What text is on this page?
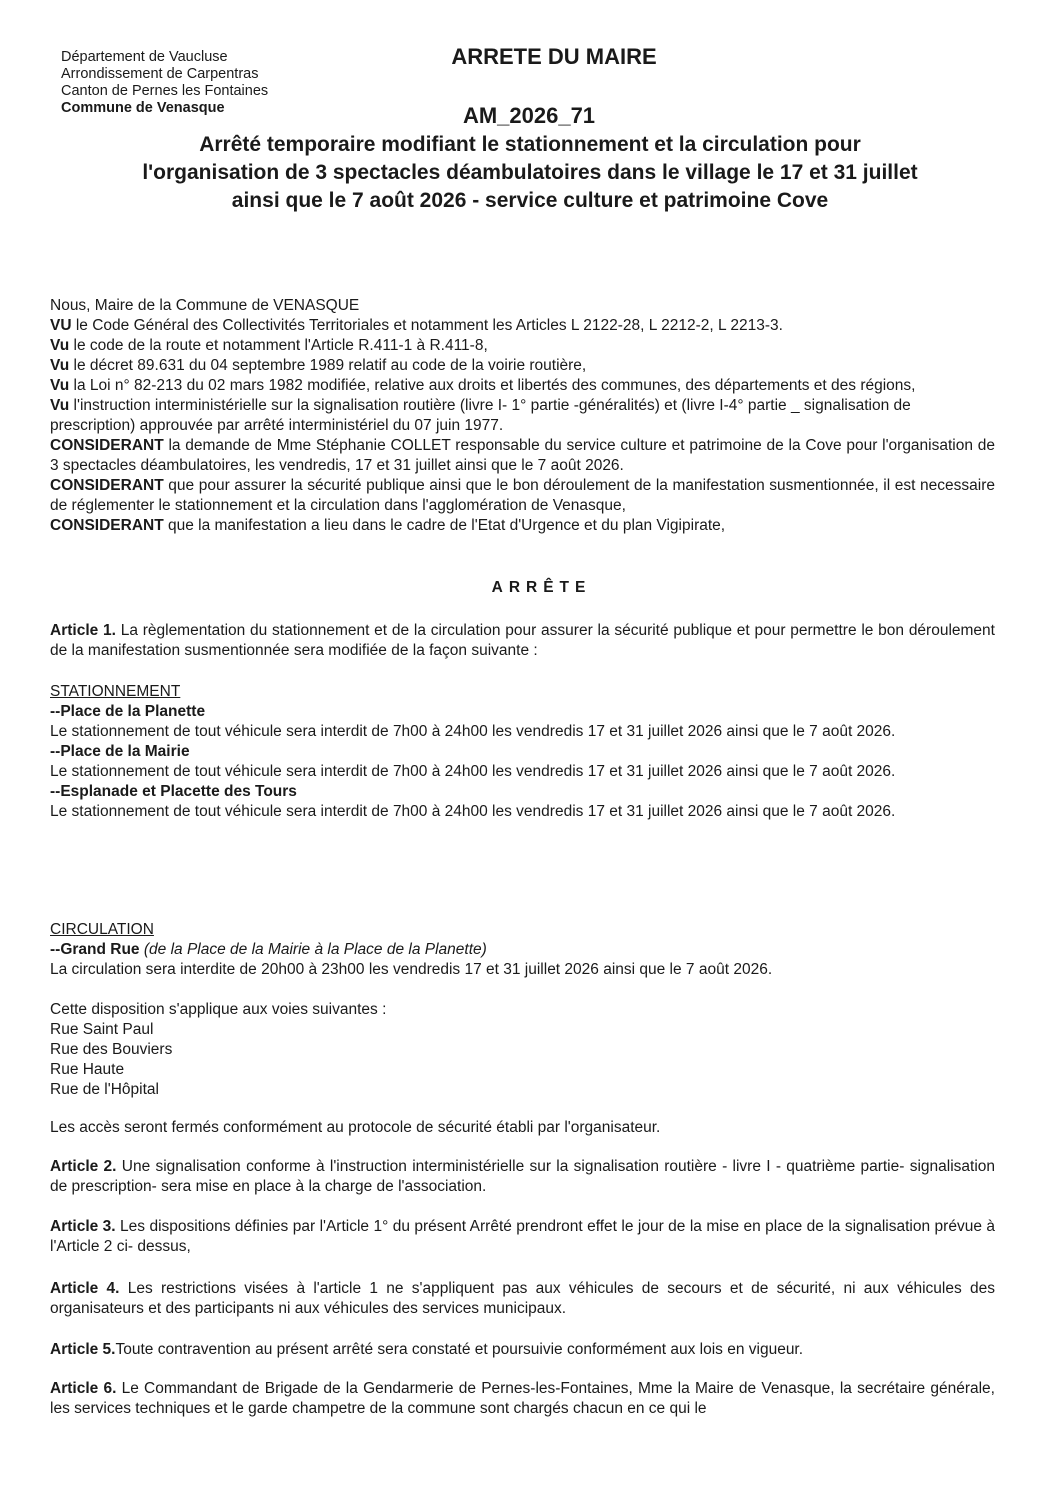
Département de Vaucluse
Arrondissement de Carpentras
Canton de Pernes les Fontaines
Commune de Venasque
ARRETE DU MAIRE
AM_2026_71
Arrêté temporaire modifiant le stationnement et la circulation pour
l'organisation de 3 spectacles déambulatoires dans le village le 17 et 31 juillet
ainsi que le 7 août 2026 - service culture et patrimoine Cove

Nous, Maire de la Commune de VENASQUE

VU le Code Général des Collectivités Territoriales et notamment les Articles L 2122-28, L 2212-2, L 2213-3.

Vu le code de la route et notamment l'Article R.411-1 à R.411-8,

Vu le décret 89.631 du 04 septembre 1989 relatif au code de la voirie routière,

Vu la Loi n° 82-213 du 02 mars 1982 modifiée, relative aux droits et libertés des communes, des départements et des régions,

Vu l'instruction interministérielle sur la signalisation routière (livre I- 1° partie -généralités) et (livre I-4° partie _ signalisation de prescription) approuvée par arrêté interministériel du 07 juin 1977.

CONSIDERANT la demande de Mme Stéphanie COLLET responsable du service culture et patrimoine de la Cove pour l'organisation de 3 spectacles déambulatoires, les vendredis, 17 et 31 juillet ainsi que le 7 août 2026.

CONSIDERANT que pour assurer la sécurité publique ainsi que le bon déroulement de la manifestation susmentionnée, il est necessaire de réglementer le stationnement et la circulation dans l'agglomération de Venasque,

CONSIDERANT que la manifestation a lieu dans le cadre de l'Etat d'Urgence et du plan Vigipirate,

ARRÊTE
Article 1. La règlementation du stationnement et de la circulation pour assurer la sécurité publique et pour permettre le bon déroulement de la manifestation susmentionnée sera modifiée de la façon suivante :
STATIONNEMENT
--Place de la Planette
Le stationnement de tout véhicule sera interdit de 7h00 à 24h00 les vendredis 17 et 31 juillet 2026 ainsi que le 7 août 2026.
--Place de la Mairie
Le stationnement de tout véhicule sera interdit de 7h00 à 24h00 les vendredis 17 et 31 juillet 2026 ainsi que le 7 août 2026.
--Esplanade et Placette des Tours
Le stationnement de tout véhicule sera interdit de 7h00 à 24h00 les vendredis 17 et 31 juillet 2026 ainsi que le 7 août 2026.
CIRCULATION
--Grand Rue (de la Place de la Mairie à la Place de la Planette)
La circulation sera interdite de 20h00 à 23h00 les vendredis 17 et 31 juillet 2026 ainsi que le 7 août 2026.
Cette disposition s'applique aux voies suivantes :
Rue Saint Paul
Rue des Bouviers
Rue Haute
Rue de l'Hôpital
Les accès seront fermés conformément au protocole de sécurité établi par l'organisateur.
Article 2. Une signalisation conforme à l'instruction interministérielle sur la signalisation routière - livre I - quatrième partie- signalisation de prescription- sera mise en place à la charge de l'association.
Article 3. Les dispositions définies par l'Article 1° du présent Arrêté prendront effet le jour de la mise en place de la signalisation prévue à l'Article 2 ci- dessus,
Article 4. Les restrictions visées à l'article 1 ne s'appliquent pas aux véhicules de secours et de sécurité, ni aux véhicules des organisateurs et des participants ni aux véhicules des services municipaux.
Article 5.Toute contravention au présent arrêté sera constaté et poursuivie conformément aux lois en vigueur.
Article 6. Le Commandant de Brigade de la Gendarmerie de Pernes-les-Fontaines, Mme la Maire de Venasque, la secrétaire générale, les services techniques et le garde champetre de la commune sont chargés chacun en ce qui le
